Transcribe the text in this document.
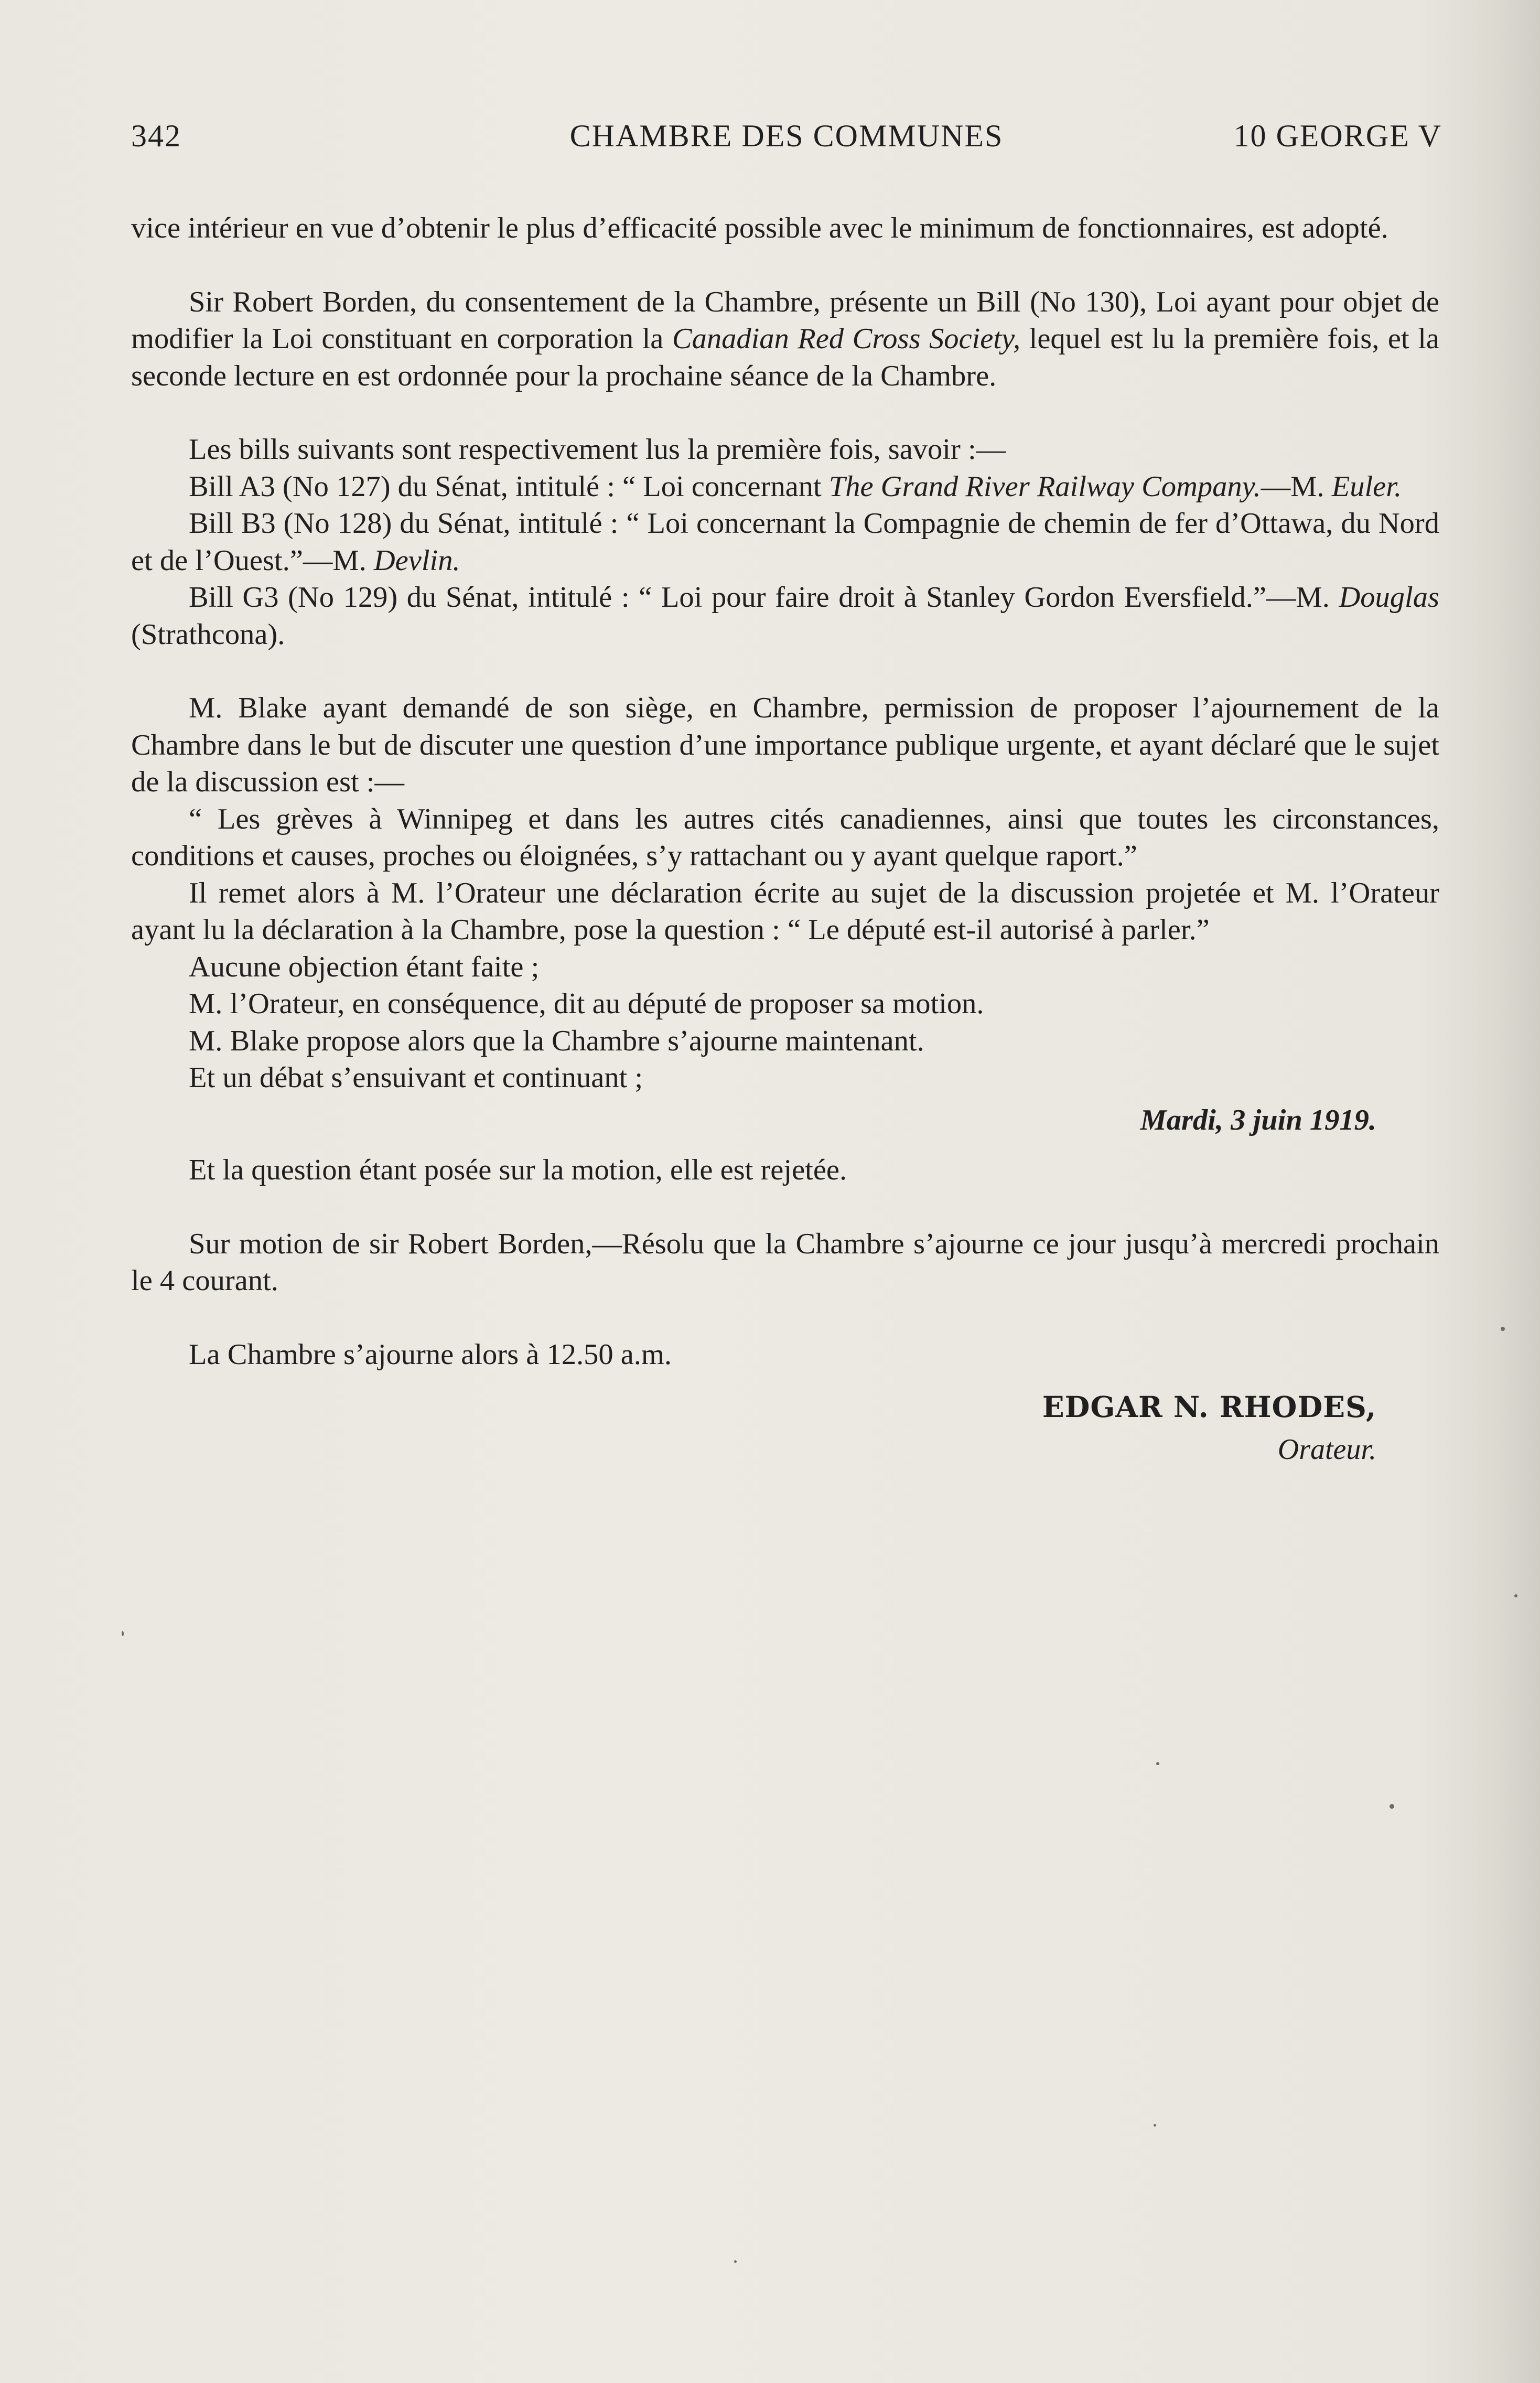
342	CHAMBRE DES COMMUNES	10 GEORGE V

vice intérieur en vue d’obtenir le plus d’efficacité possible avec le minimum de fonctionnaires, est adopté.

Sir Robert Borden, du consentement de la Chambre, présente un Bill (No 130), Loi ayant pour objet de modifier la Loi constituant en corporation la Canadian Red Cross Society, lequel est lu la première fois, et la seconde lecture en est ordonnée pour la prochaine séance de la Chambre.

Les bills suivants sont respectivement lus la première fois, savoir :—

Bill A3 (No 127) du Sénat, intitulé : “ Loi concernant The Grand River Railway Company.—M. Euler.

Bill B3 (No 128) du Sénat, intitulé : “ Loi concernant la Compagnie de chemin de fer d’Ottawa, du Nord et de l’Ouest.”—M. Devlin.

Bill G3 (No 129) du Sénat, intitulé : “ Loi pour faire droit à Stanley Gordon Eversfield.”—M. Douglas (Strathcona).

M. Blake ayant demandé de son siège, en Chambre, permission de proposer l’ajournement de la Chambre dans le but de discuter une question d’une importance publique urgente, et ayant déclaré que le sujet de la discussion est :—

“ Les grèves à Winnipeg et dans les autres cités canadiennes, ainsi que toutes les circonstances, conditions et causes, proches ou éloignées, s’y rattachant ou y ayant quelque raport.”

Il remet alors à M. l’Orateur une déclaration écrite au sujet de la discussion projetée et M. l’Orateur ayant lu la déclaration à la Chambre, pose la question : “ Le député est-il autorisé à parler.”

Aucune objection étant faite ;

M. l’Orateur, en conséquence, dit au député de proposer sa motion.

M. Blake propose alors que la Chambre s’ajourne maintenant.

Et un débat s’ensuivant et continuant ;

Mardi, 3 juin 1919.

Et la question étant posée sur la motion, elle est rejetée.

Sur motion de sir Robert Borden,—Résolu que la Chambre s’ajourne ce jour jusqu’à mercredi prochain le 4 courant.

La Chambre s’ajourne alors à 12.50 a.m.

EDGAR N. RHODES,
Orateur.
